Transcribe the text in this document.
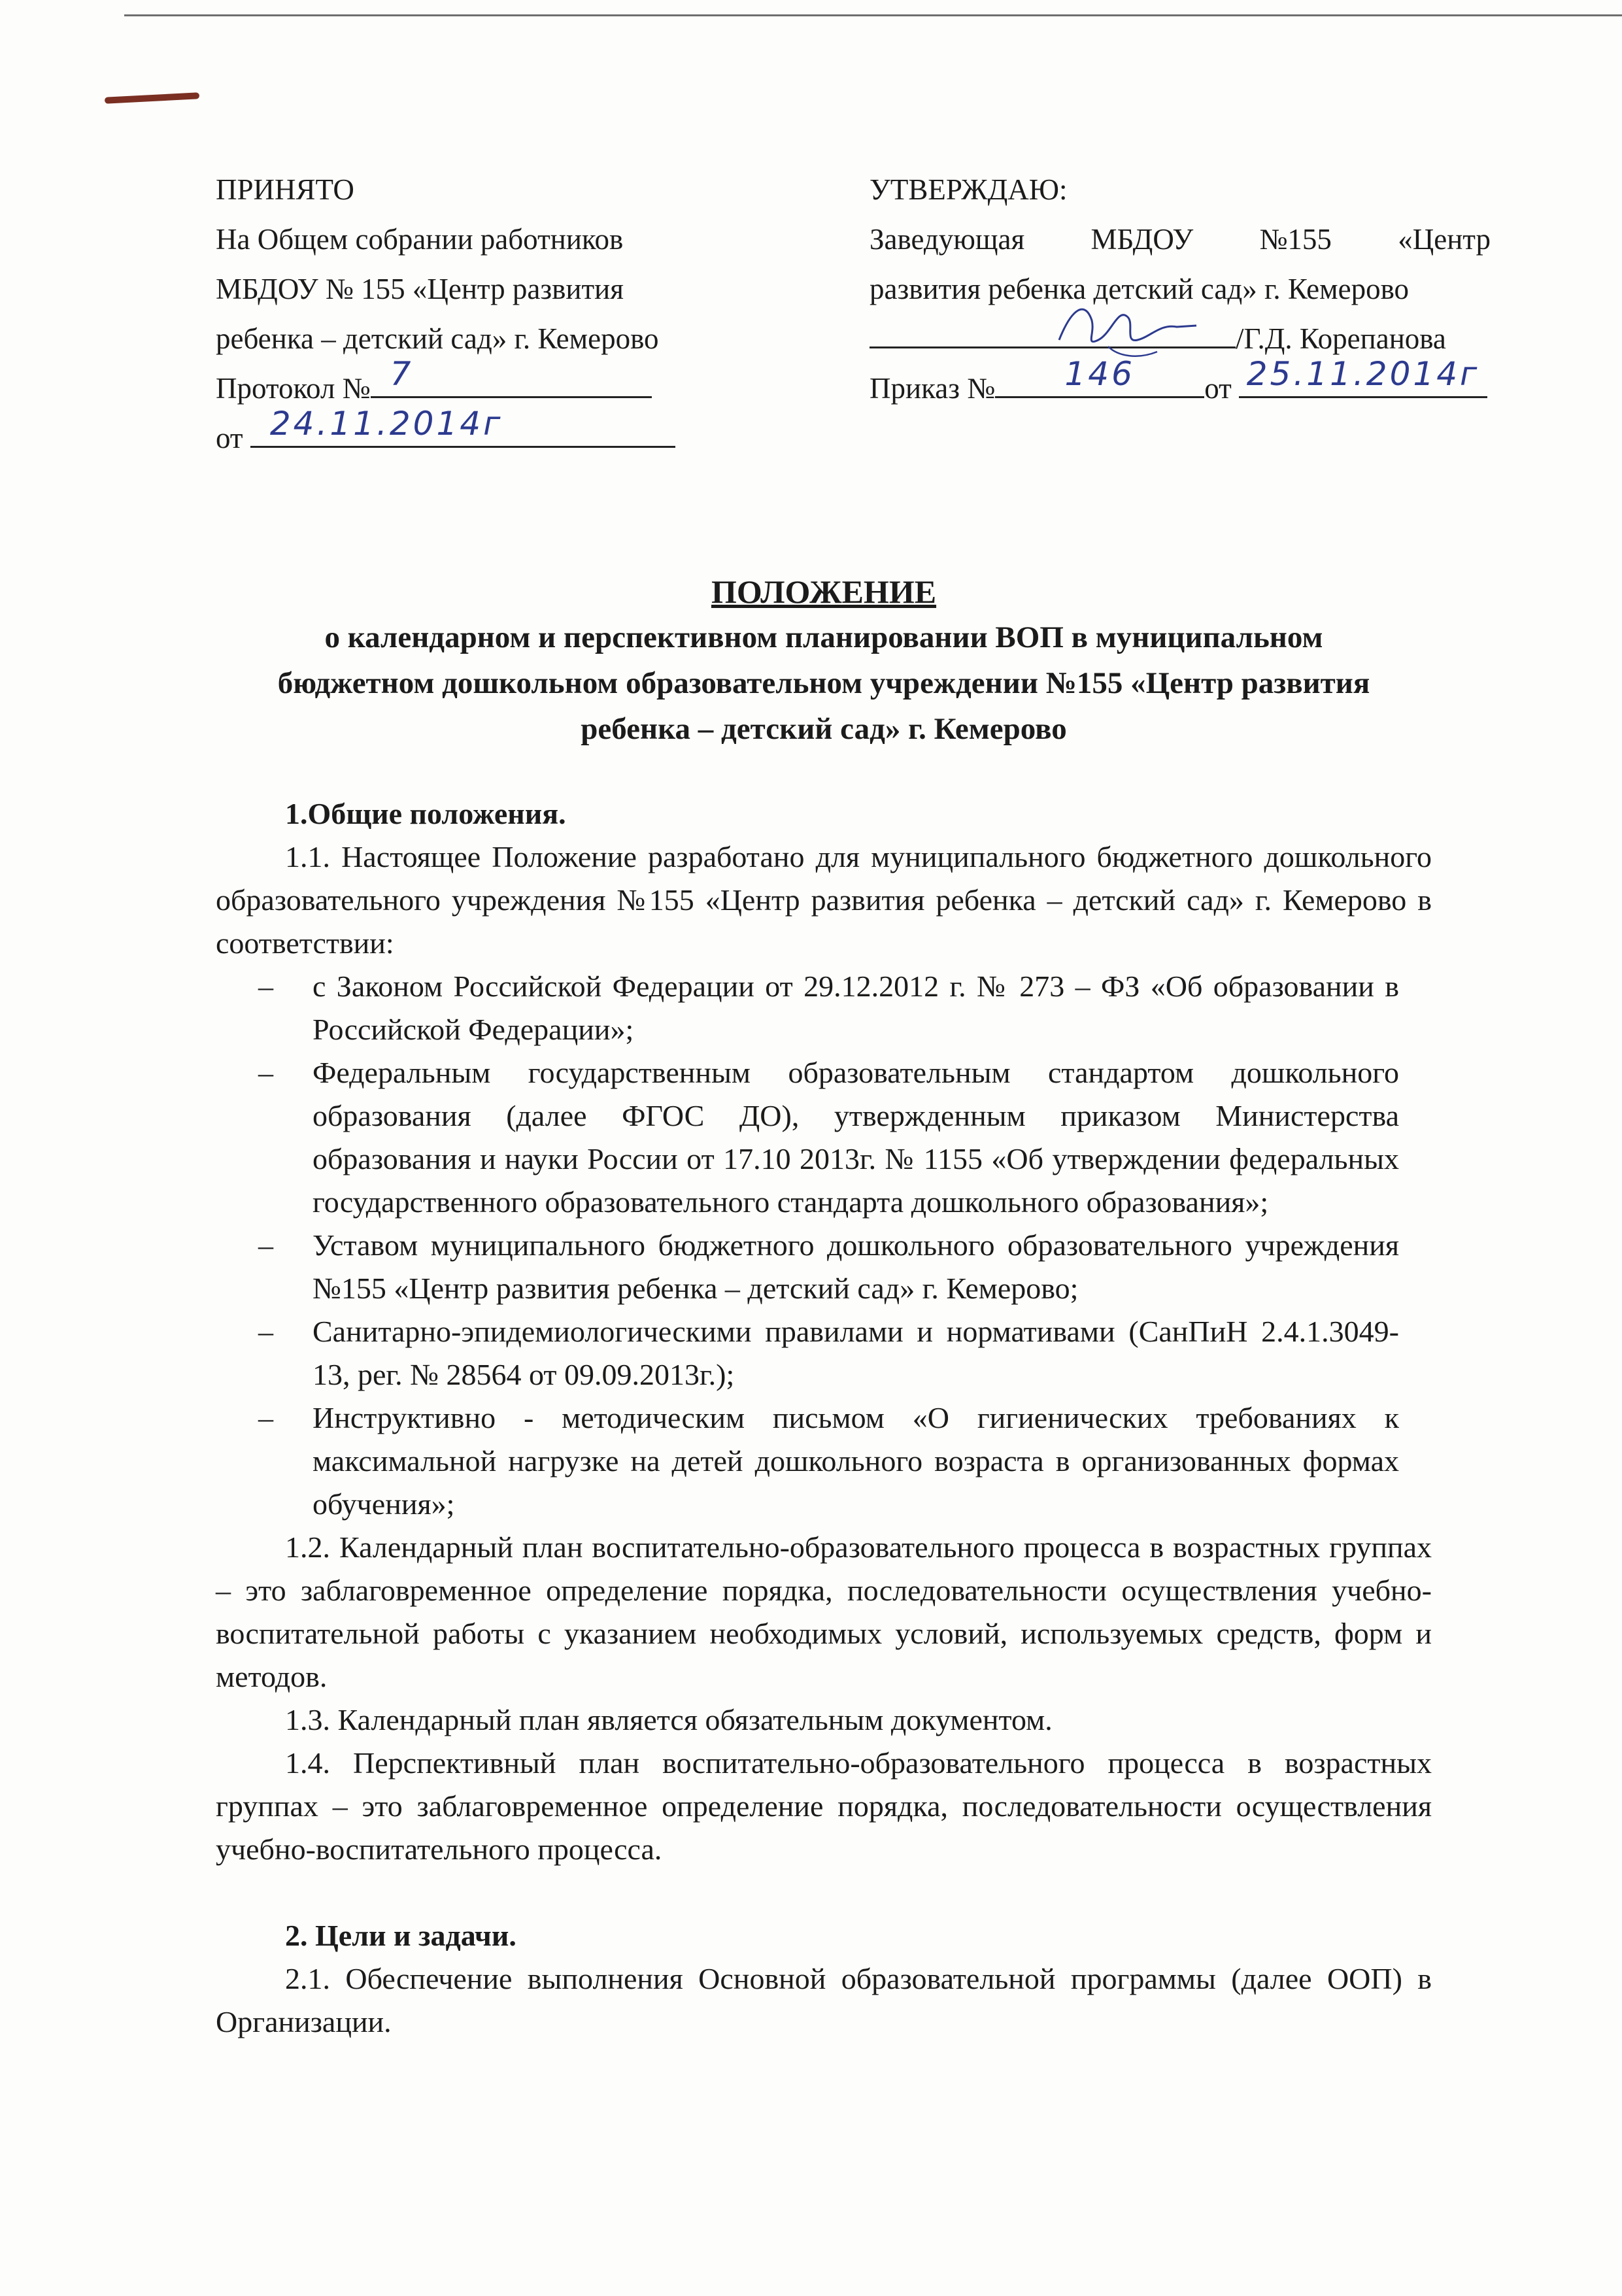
ПРИНЯТО
На Общем собрании работников
МБДОУ № 155 «Центр развития
ребенка – детский сад» г. Кемерово
Протокол № 7
от 24.11.2014г
УТВЕРЖДАЮ:
Заведующая МБДОУ №155 «Центр
развития ребенка детский сад» г. Кемерово
/Г.Д. Корепанова
Приказ №	146	от 25.11.2014г
ПОЛОЖЕНИЕ
о календарном и перспективном планировании ВОП в муниципальном
бюджетном дошкольном образовательном учреждении №155 «Центр развития
ребенка – детский сад» г. Кемерово

1.Общие положения.

1.1. Настоящее Положение разработано для муниципального бюджетного дошкольного образовательного учреждения №155 «Центр развития ребенка – детский сад» г. Кемерово в соответствии:

– с Законом Российской Федерации от 29.12.2012 г. № 273 – ФЗ «Об образовании в Российской Федерации»;
– Федеральным государственным образовательным стандартом дошкольного образования (далее ФГОС ДО), утвержденным приказом Министерства образования и науки России от 17.10 2013г. № 1155 «Об утверждении федеральных государственного образовательного стандарта дошкольного образования»;
– Уставом муниципального бюджетного дошкольного образовательного учреждения №155 «Центр развития ребенка – детский сад» г. Кемерово;
– Санитарно-эпидемиологическими правилами и нормативами (СанПиН 2.4.1.3049-13, рег. № 28564 от 09.09.2013г.);
– Инструктивно - методическим письмом «О гигиенических требованиях к максимальной нагрузке на детей дошкольного возраста в организованных формах обучения»;

1.2. Календарный план воспитательно-образовательного процесса в возрастных группах – это заблаговременное определение порядка, последовательности осуществления учебно-воспитательной работы с указанием необходимых условий, используемых средств, форм и методов.

1.3. Календарный план является обязательным документом.

1.4. Перспективный план воспитательно-образовательного процесса в возрастных группах – это заблаговременное определение порядка, последовательности осуществления учебно-воспитательного процесса.

2. Цели и задачи.

2.1. Обеспечение выполнения Основной образовательной программы (далее ООП) в Организации.
